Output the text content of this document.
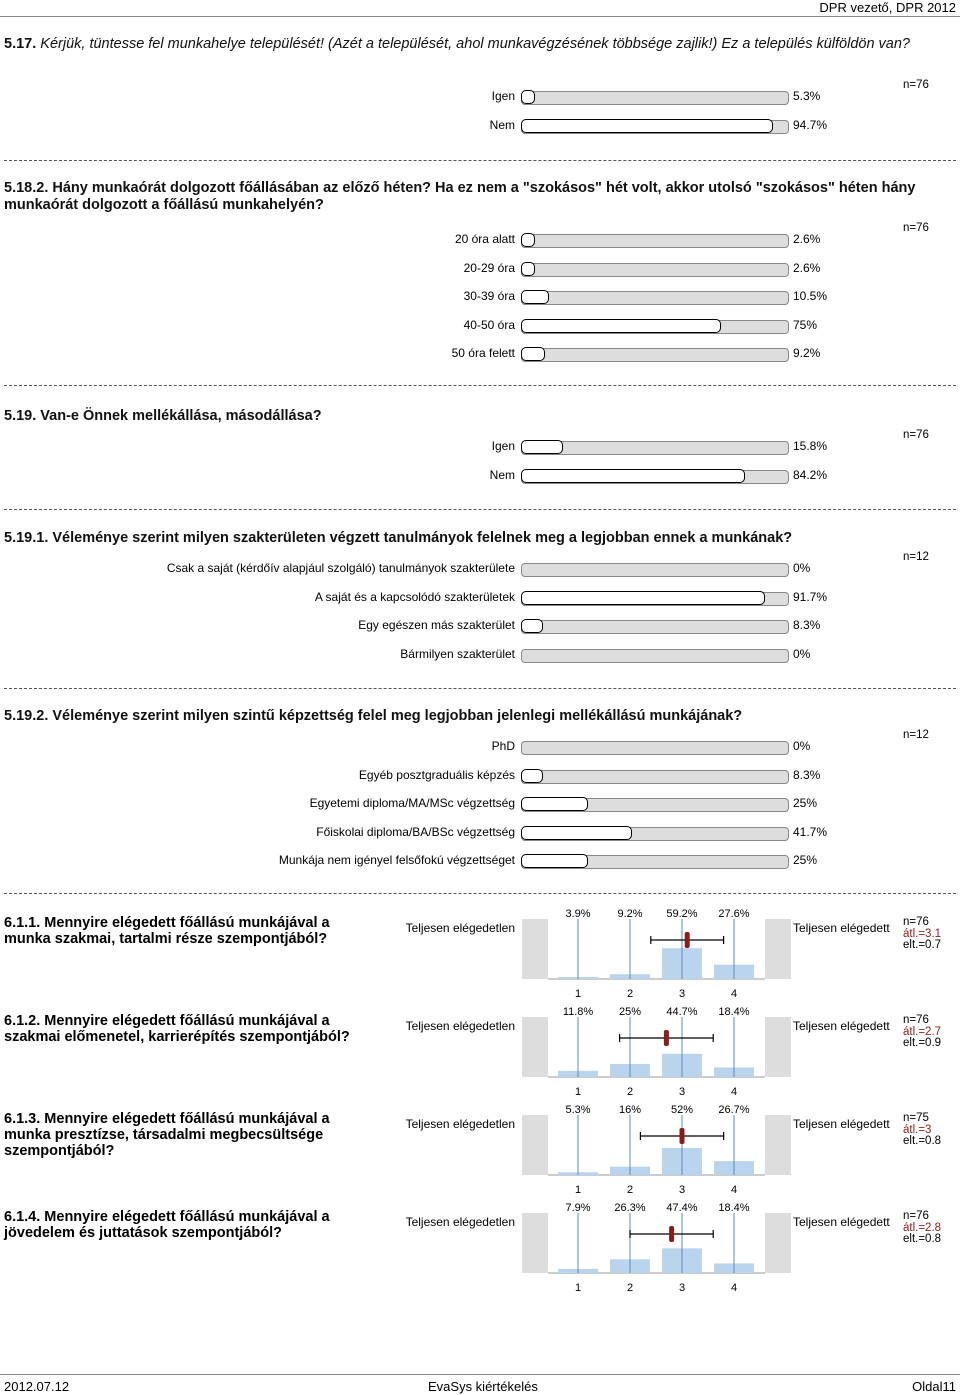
DPR vezető, DPR 2012
5.17. Kérjük, tüntesse fel munkahelye települését! (Azét a települését, ahol munkavégzésének többsége zajlik!) Ez a település külföldön van?
Igen	5.3%
Nem	94.7%
n=76
5.18.2. Hány munkaórát dolgozott főállásában az előző héten? Ha ez nem a "szokásos" hét volt, akkor utolsó "szokásos" héten hány munkaórát dolgozott a főállású munkahelyén?
20 óra alatt	2.6%
20-29 óra	2.6%
30-39 óra	10.5%
40-50 óra	75%
50 óra felett	9.2%
n=76
5.19. Van-e Önnek mellékállása, másodállása?
Igen	15.8%
Nem	84.2%
n=76
5.19.1. Véleménye szerint milyen szakterületen végzett tanulmányok felelnek meg a legjobban ennek a munkának?
Csak a saját (kérdőív alapjául szolgáló) tanulmányok szakterülete	0%
A saját és a kapcsolódó szakterületek	91.7%
Egy egészen más szakterület	8.3%
Bármilyen szakterület	0%
n=12
5.19.2. Véleménye szerint milyen szintű képzettség felel meg legjobban jelenlegi mellékállású munkájának?
PhD	0%
Egyéb posztgraduális képzés	8.3%
Egyetemi diploma/MA/MSc végzettség	25%
Főiskolai diploma/BA/BSc végzettség	41.7%
Munkája nem igényel felsőfokú végzettséget	25%
n=12
6.1.1. Mennyire elégedett főállású munkájával a munka szakmai, tartalmi része szempontjából?
Teljesen elégedetlen	Teljesen elégedett n=76
átl.=3.1
elt.=0.7
3.9%
1
9.2%
2
59.2%
3
27.6%
4
6.1.2. Mennyire elégedett főállású munkájával a szakmai előmenetel, karrierépítés szempontjából?
Teljesen elégedetlen	Teljesen elégedett n=76
átl.=2.7
elt.=0.9
11.8%
1
25%
2
44.7%
3
18.4%
4
6.1.3. Mennyire elégedett főállású munkájával a munka presztízse, társadalmi megbecsültsége szempontjából?
Teljesen elégedetlen	Teljesen elégedett n=75
átl.=3
elt.=0.8
5.3%
1
16%
2
52%
3
26.7%
4
6.1.4. Mennyire elégedett főállású munkájával a jövedelem és juttatások szempontjából?
Teljesen elégedetlen	Teljesen elégedett n=76
átl.=2.8
elt.=0.8
7.9%
1
26.3%
2
47.4%
3
18.4%
4
2012.07.12	EvaSys kiértékelés	Oldal11
